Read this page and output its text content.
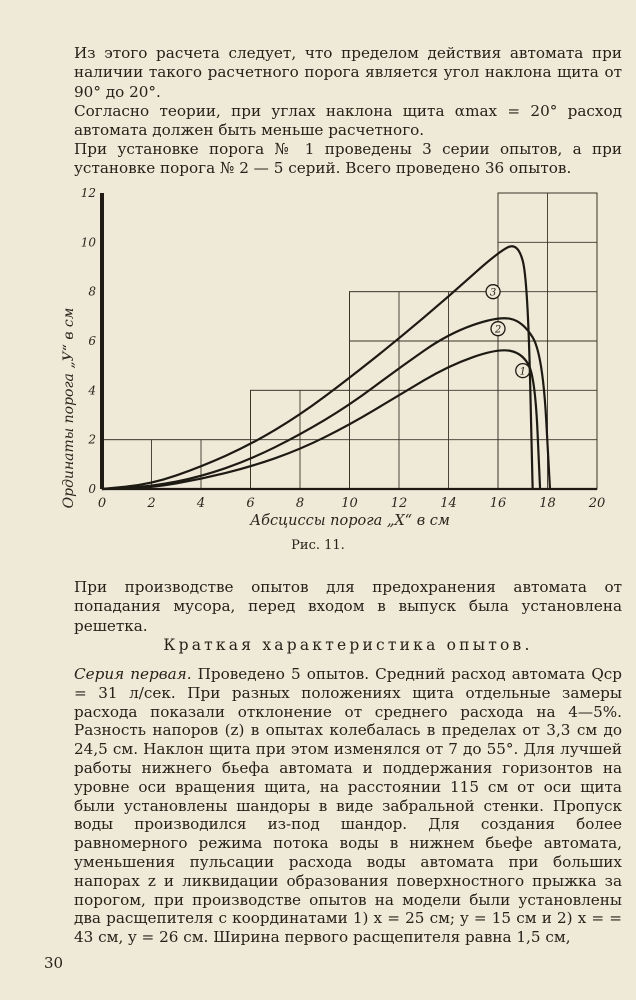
Из этого расчета следует, что пределом действия автомата при наличии такого расчетного порога является угол наклона щита от 90° до 20°.

Согласно теории, при углах наклона щита αmax = 20° расход автомата должен быть меньше расчетного.

При установке порога № 1 проведены 3 серии опытов, а при установке порога № 2 — 5 серий. Всего проведено 36 опытов.

1
2
3
0	2	4	6	8	10	12	14	16	18	20
0
2
4
6
8
10
12
Ординаты порога „У“ в см
Абсциссы порога „X“ в см
Рис. 11.

При производстве опытов для предохранения автомата от попадания мусора, перед входом в выпуск была установлена решетка.

Краткая характеристика опытов.

Серия первая. Проведено 5 опытов. Средний расход автомата Qср = 31 л/сек. При разных положениях щита отдельные замеры расхода показали отклонение от среднего расхода на 4—5%. Разность напоров (z) в опытах колебалась в пределах от 3,3 см до 24,5 см. Наклон щита при этом изменялся от 7 до 55°. Для лучшей работы нижнего бьефа автомата и поддержания горизонтов на уровне оси вращения щита, на расстоянии 115 см от оси щита были установлены шандоры в виде забральной стенки. Пропуск воды производился из-под шандор. Для создания более равномерного режима потока воды в нижнем бьефе автомата, уменьшения пульсации расхода воды автомата при больших напорах z и ликвидации образования поверхностного прыжка за порогом, при производстве опытов на модели были установлены два расщепителя с координатами 1) x = 25 см; y = 15 см и 2) x = = 43 см, y = 26 см. Ширина первого расщепителя равна 1,5 см,

30
